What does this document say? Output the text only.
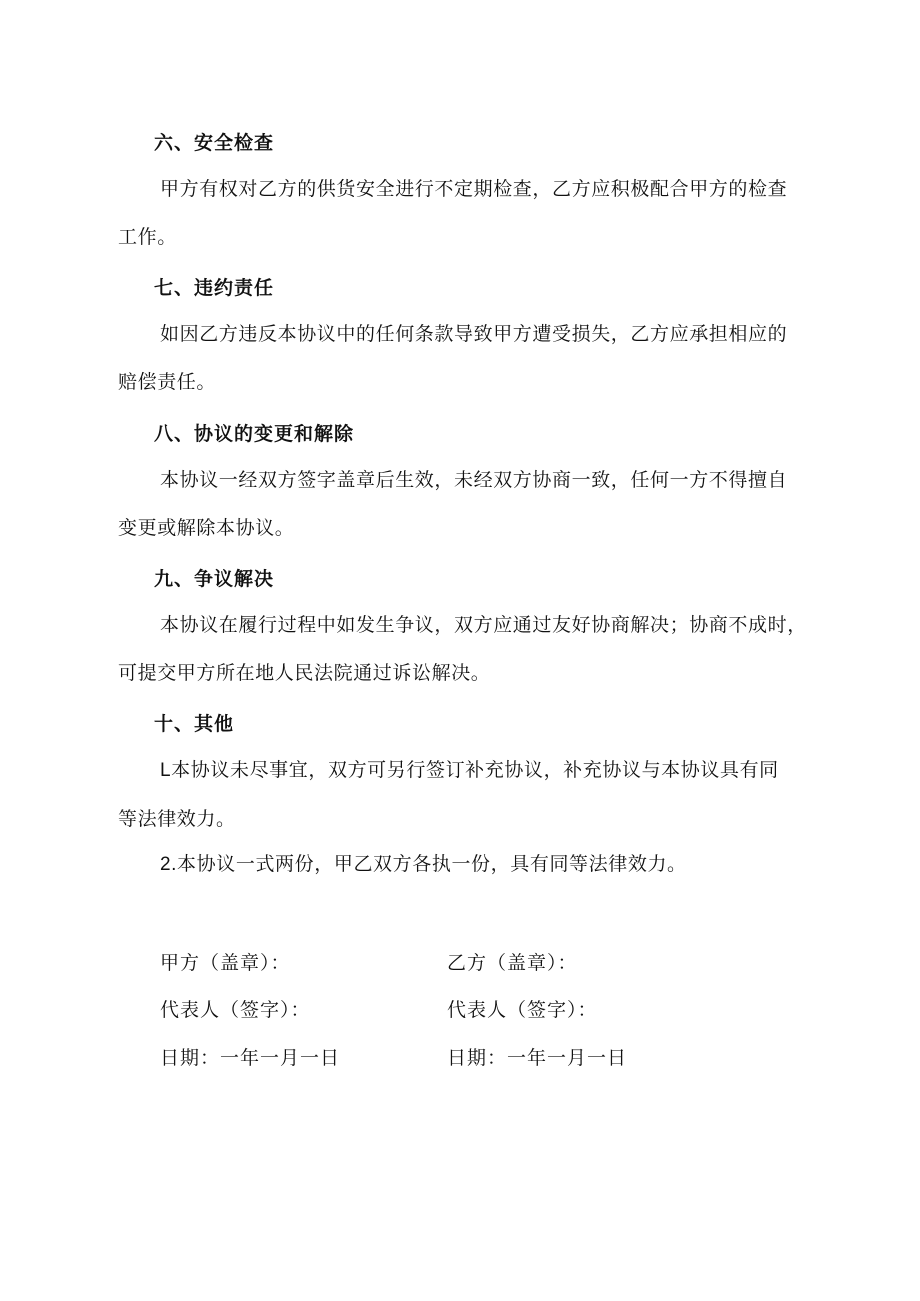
六、安全检查
甲方有权对乙方的供货安全进行不定期检查，乙方应积极配合甲方的检查
工作。
七、违约责任
如因乙方违反本协议中的任何条款导致甲方遭受损失，乙方应承担相应的
赔偿责任。
八、协议的变更和解除
本协议一经双方签字盖章后生效，未经双方协商一致，任何一方不得擅自
变更或解除本协议。
九、争议解决
本协议在履行过程中如发生争议，双方应通过友好协商解决；协商不成时，
可提交甲方所在地人民法院通过诉讼解决。
十、其他
L本协议未尽事宜，双方可另行签订补充协议，补充协议与本协议具有同
等法律效力。
2.本协议一式两份，甲乙双方各执一份，具有同等法律效力。
甲方（盖章）：	乙方（盖章）：
代表人（签字）：	代表人（签字）：
日期：一年一月一日	日期：一年一月一日
